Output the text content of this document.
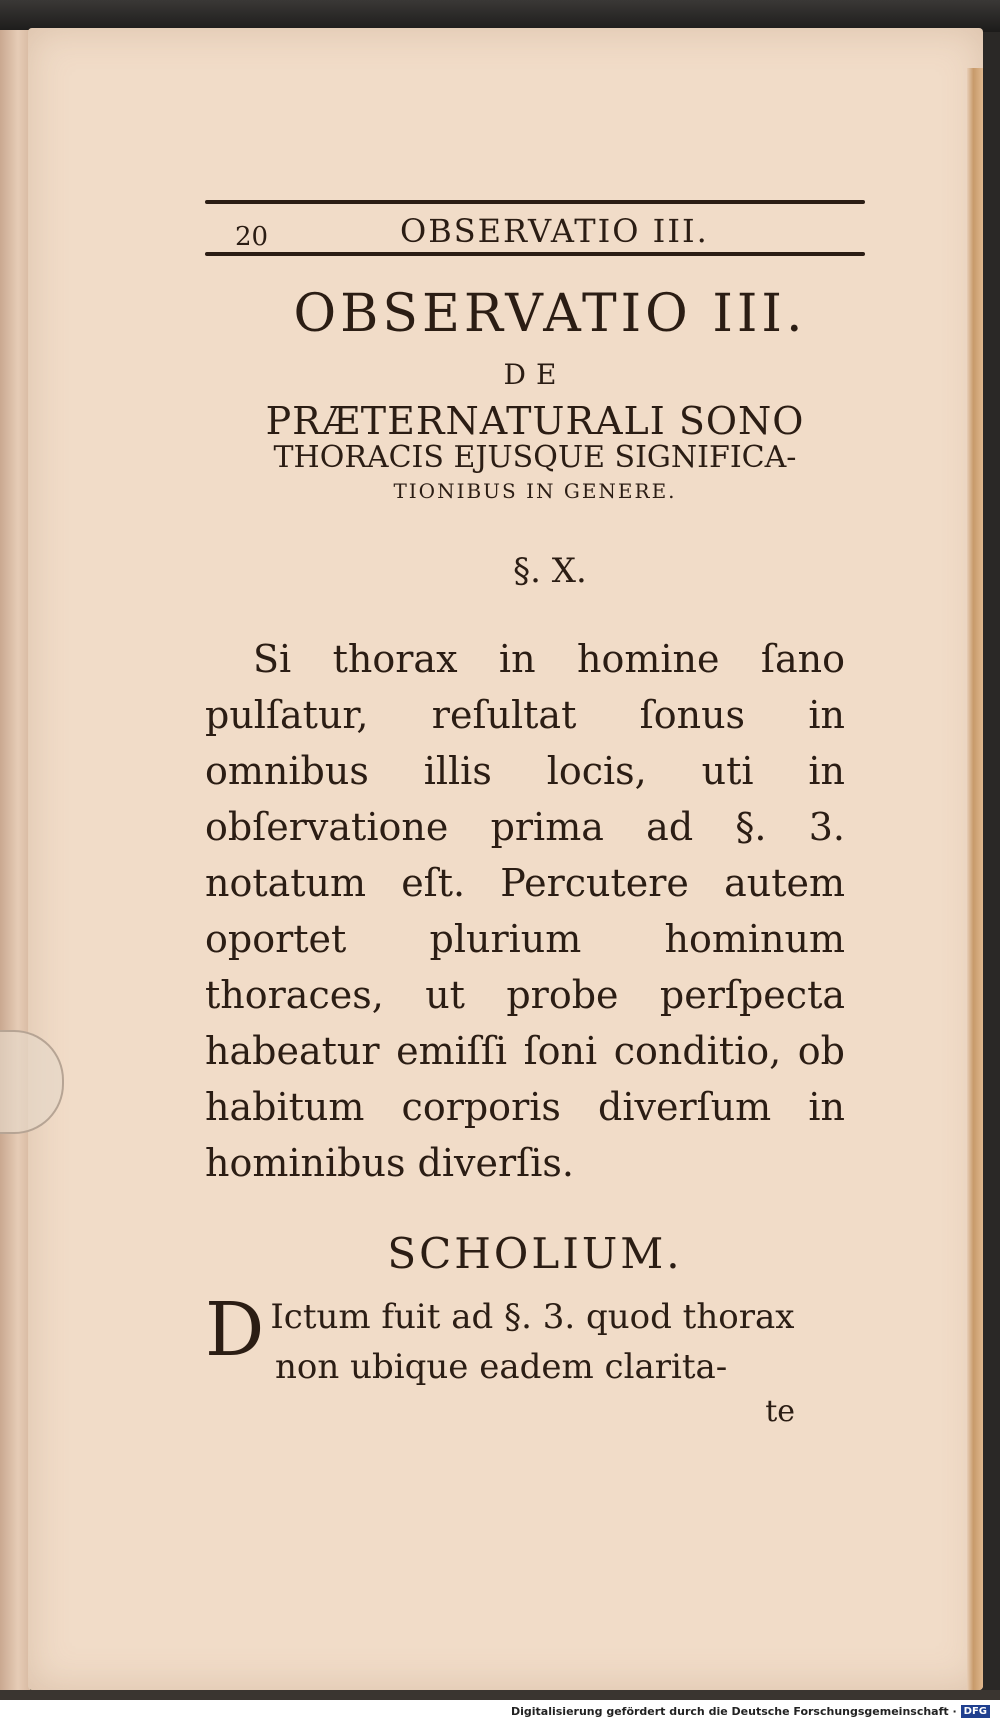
20	OBSERVATIO III.
OBSERVATIO III.
DE
PRÆTERNATURALI SONO
THORACIS EJUSQUE SIGNIFICA-
TIONIBUS IN GENERE.
§. X.
Si thorax in homine ſano pulſatur, reſultat ſonus in omnibus illis locis, uti in obſervatione prima ad §. 3. notatum eſt. Percutere autem oportet plurium hominum thoraces, ut probe perſpecta habeatur emiſſi ſoni conditio, ob habitum corporis diverſum in hominibus diverſis.
SCHOLIUM.
D Ictum fuit ad §. 3. quod thorax
non ubique eadem clarita-
te
Digitalisierung gefördert durch die Deutsche Forschungsgemeinschaft · DFG
